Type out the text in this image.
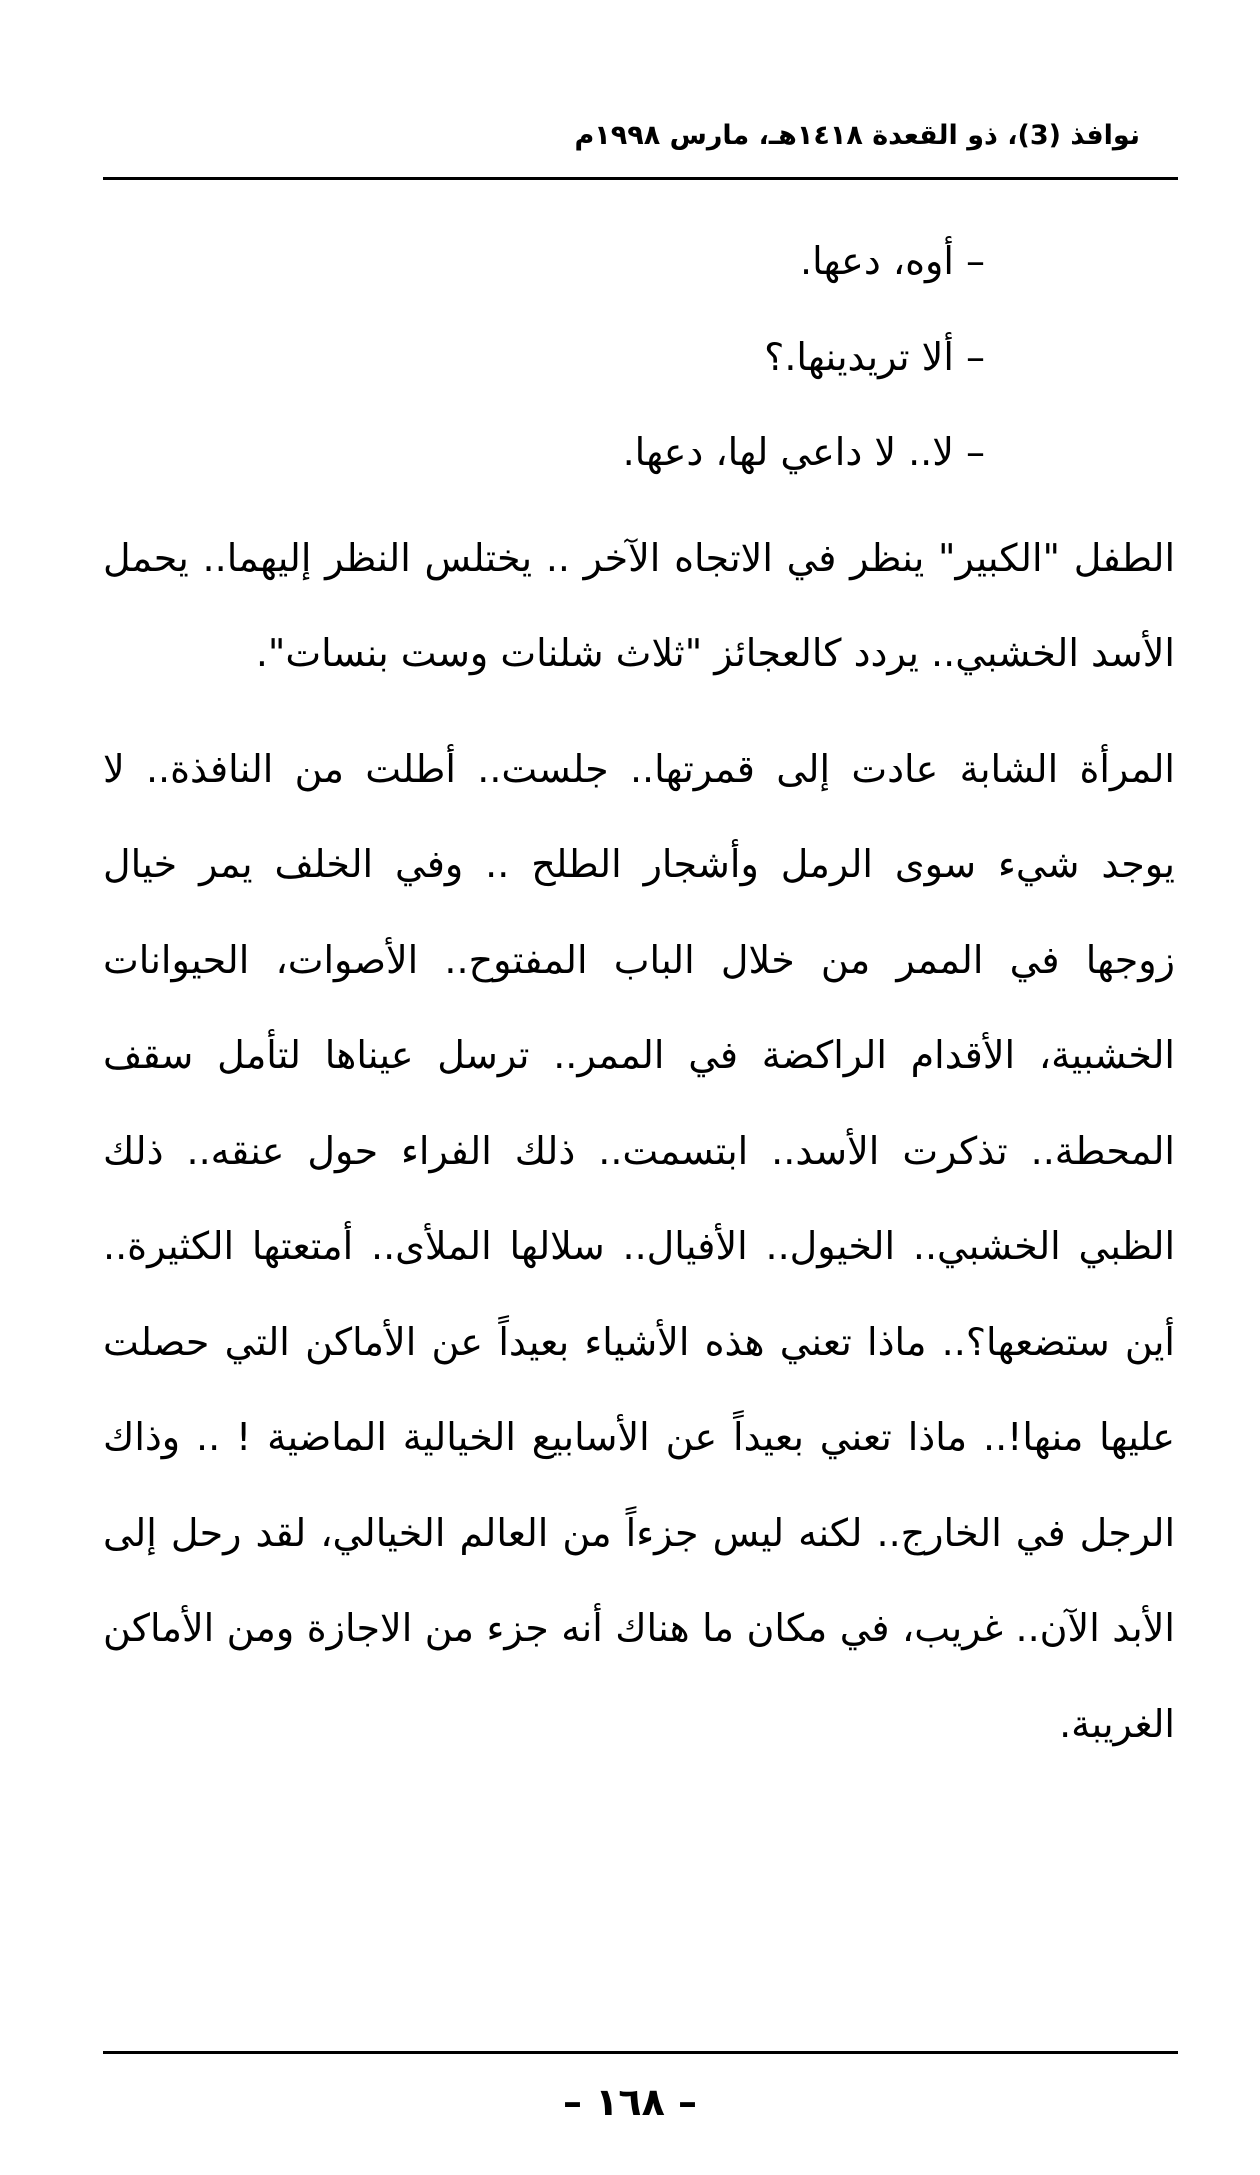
نوافذ (3)، ذو القعدة ١٤١٨هـ، مارس ١٩٩٨م

– أوه، دعها.

– ألا تريدينها.؟

– لا.. لا داعي لها، دعها.

الطفل "الكبير" ينظر في الاتجاه الآخر .. يختلس النظر إليهما.. يحمل الأسد الخشبي.. يردد كالعجائز "ثلاث شلنات وست بنسات".

المرأة الشابة عادت إلى قمرتها.. جلست.. أطلت من النافذة.. لا يوجد شيء سوى الرمل وأشجار الطلح .. وفي الخلف يمر خيال زوجها في الممر من خلال الباب المفتوح.. الأصوات، الحيوانات الخشبية، الأقدام الراكضة في الممر.. ترسل عيناها لتأمل سقف المحطة.. تذكرت الأسد.. ابتسمت.. ذلك الفراء حول عنقه.. ذلك الظبي الخشبي.. الخيول.. الأفيال.. سلالها الملأى.. أمتعتها الكثيرة.. أين ستضعها؟.. ماذا تعني هذه الأشياء بعيداً عن الأماكن التي حصلت عليها منها!.. ماذا تعني بعيداً عن الأسابيع الخيالية الماضية ! .. وذاك الرجل في الخارج.. لكنه ليس جزءاً من العالم الخيالي، لقد رحل إلى الأبد الآن.. غريب، في مكان ما هناك أنه جزء من الاجازة ومن الأماكن الغريبة.

– ١٦٨ –
